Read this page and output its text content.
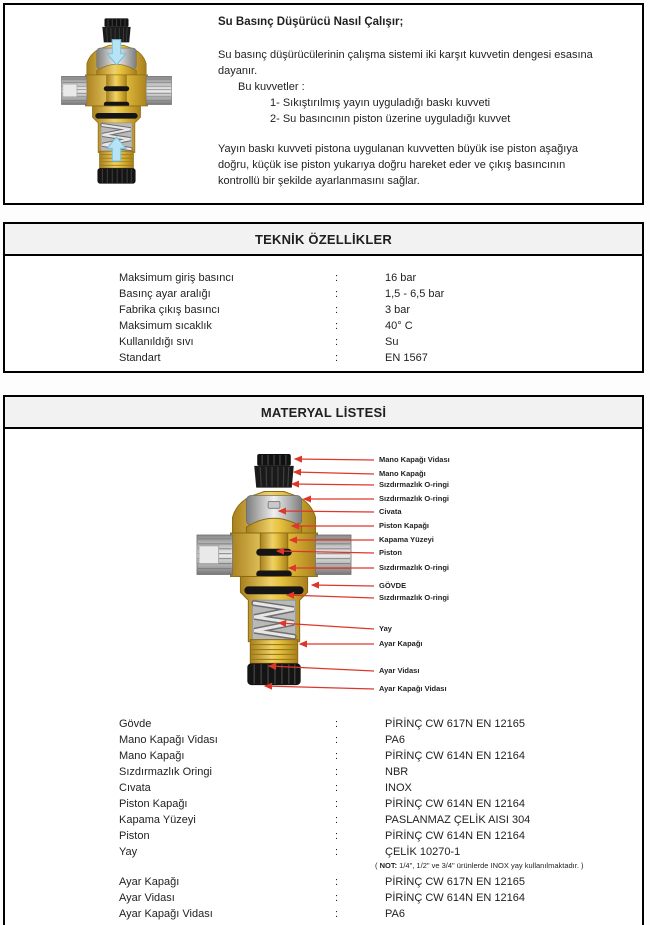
Su Basınç Düşürücü Nasıl Çalışır;

Su basınç düşürücülerinin çalışma sistemi iki karşıt kuvvetin dengesi esasına dayanır.

Bu kuvvetler :

1- Sıkıştırılmış yayın uyguladığı baskı kuvveti
2- Su basıncının piston üzerine uyguladığı kuvvet

Yayın baskı kuvveti pistona uygulanan kuvvetten büyük ise piston aşağıya doğru, küçük ise piston yukarıya doğru hareket eder ve çıkış basıncının kontrollü bir şekilde ayarlanmasını sağlar.

TEKNİK ÖZELLİKLER
Maksimum giriş basıncı	:	16 bar
Basınç ayar aralığı	:	1,5 - 6,5 bar
Fabrika çıkış basıncı	:	3 bar
Maksimum sıcaklık	:	40° C
Kullanıldığı sıvı	:	Su
Standart	:	EN 1567
MATERYAL LİSTESİ
Mano Kapağı Vidası
Mano Kapağı
Sızdırmazlık O-ringi
Sızdırmazlık O-ringi
Civata
Piston Kapağı
Kapama Yüzeyi
Piston
Sızdırmazlık O-ringi
GÖVDE
Sızdırmazlık O-ringi
Yay
Ayar Kapağı
Ayar Vidası
Ayar Kapağı Vidası
Gövde	:	PİRİNÇ CW 617N EN 12165
Mano Kapağı Vidası	:	PA6
Mano Kapağı	:	PİRİNÇ CW 614N EN 12164
Sızdırmazlık Oringi	:	NBR
Cıvata	:	INOX
Piston Kapağı	:	PİRİNÇ CW 614N EN 12164
Kapama Yüzeyi	:	PASLANMAZ ÇELİK AISI 304
Piston	:	PİRİNÇ CW 614N EN 12164
Yay	:	ÇELİK 10270-1
( NOT: 1/4", 1/2" ve 3/4" ürünlerde INOX yay kullanılmaktadır. )
Ayar Kapağı	:	PİRİNÇ CW 617N EN 12165
Ayar Vidası	:	PİRİNÇ CW 614N EN 12164
Ayar Kapağı Vidası	:	PA6
